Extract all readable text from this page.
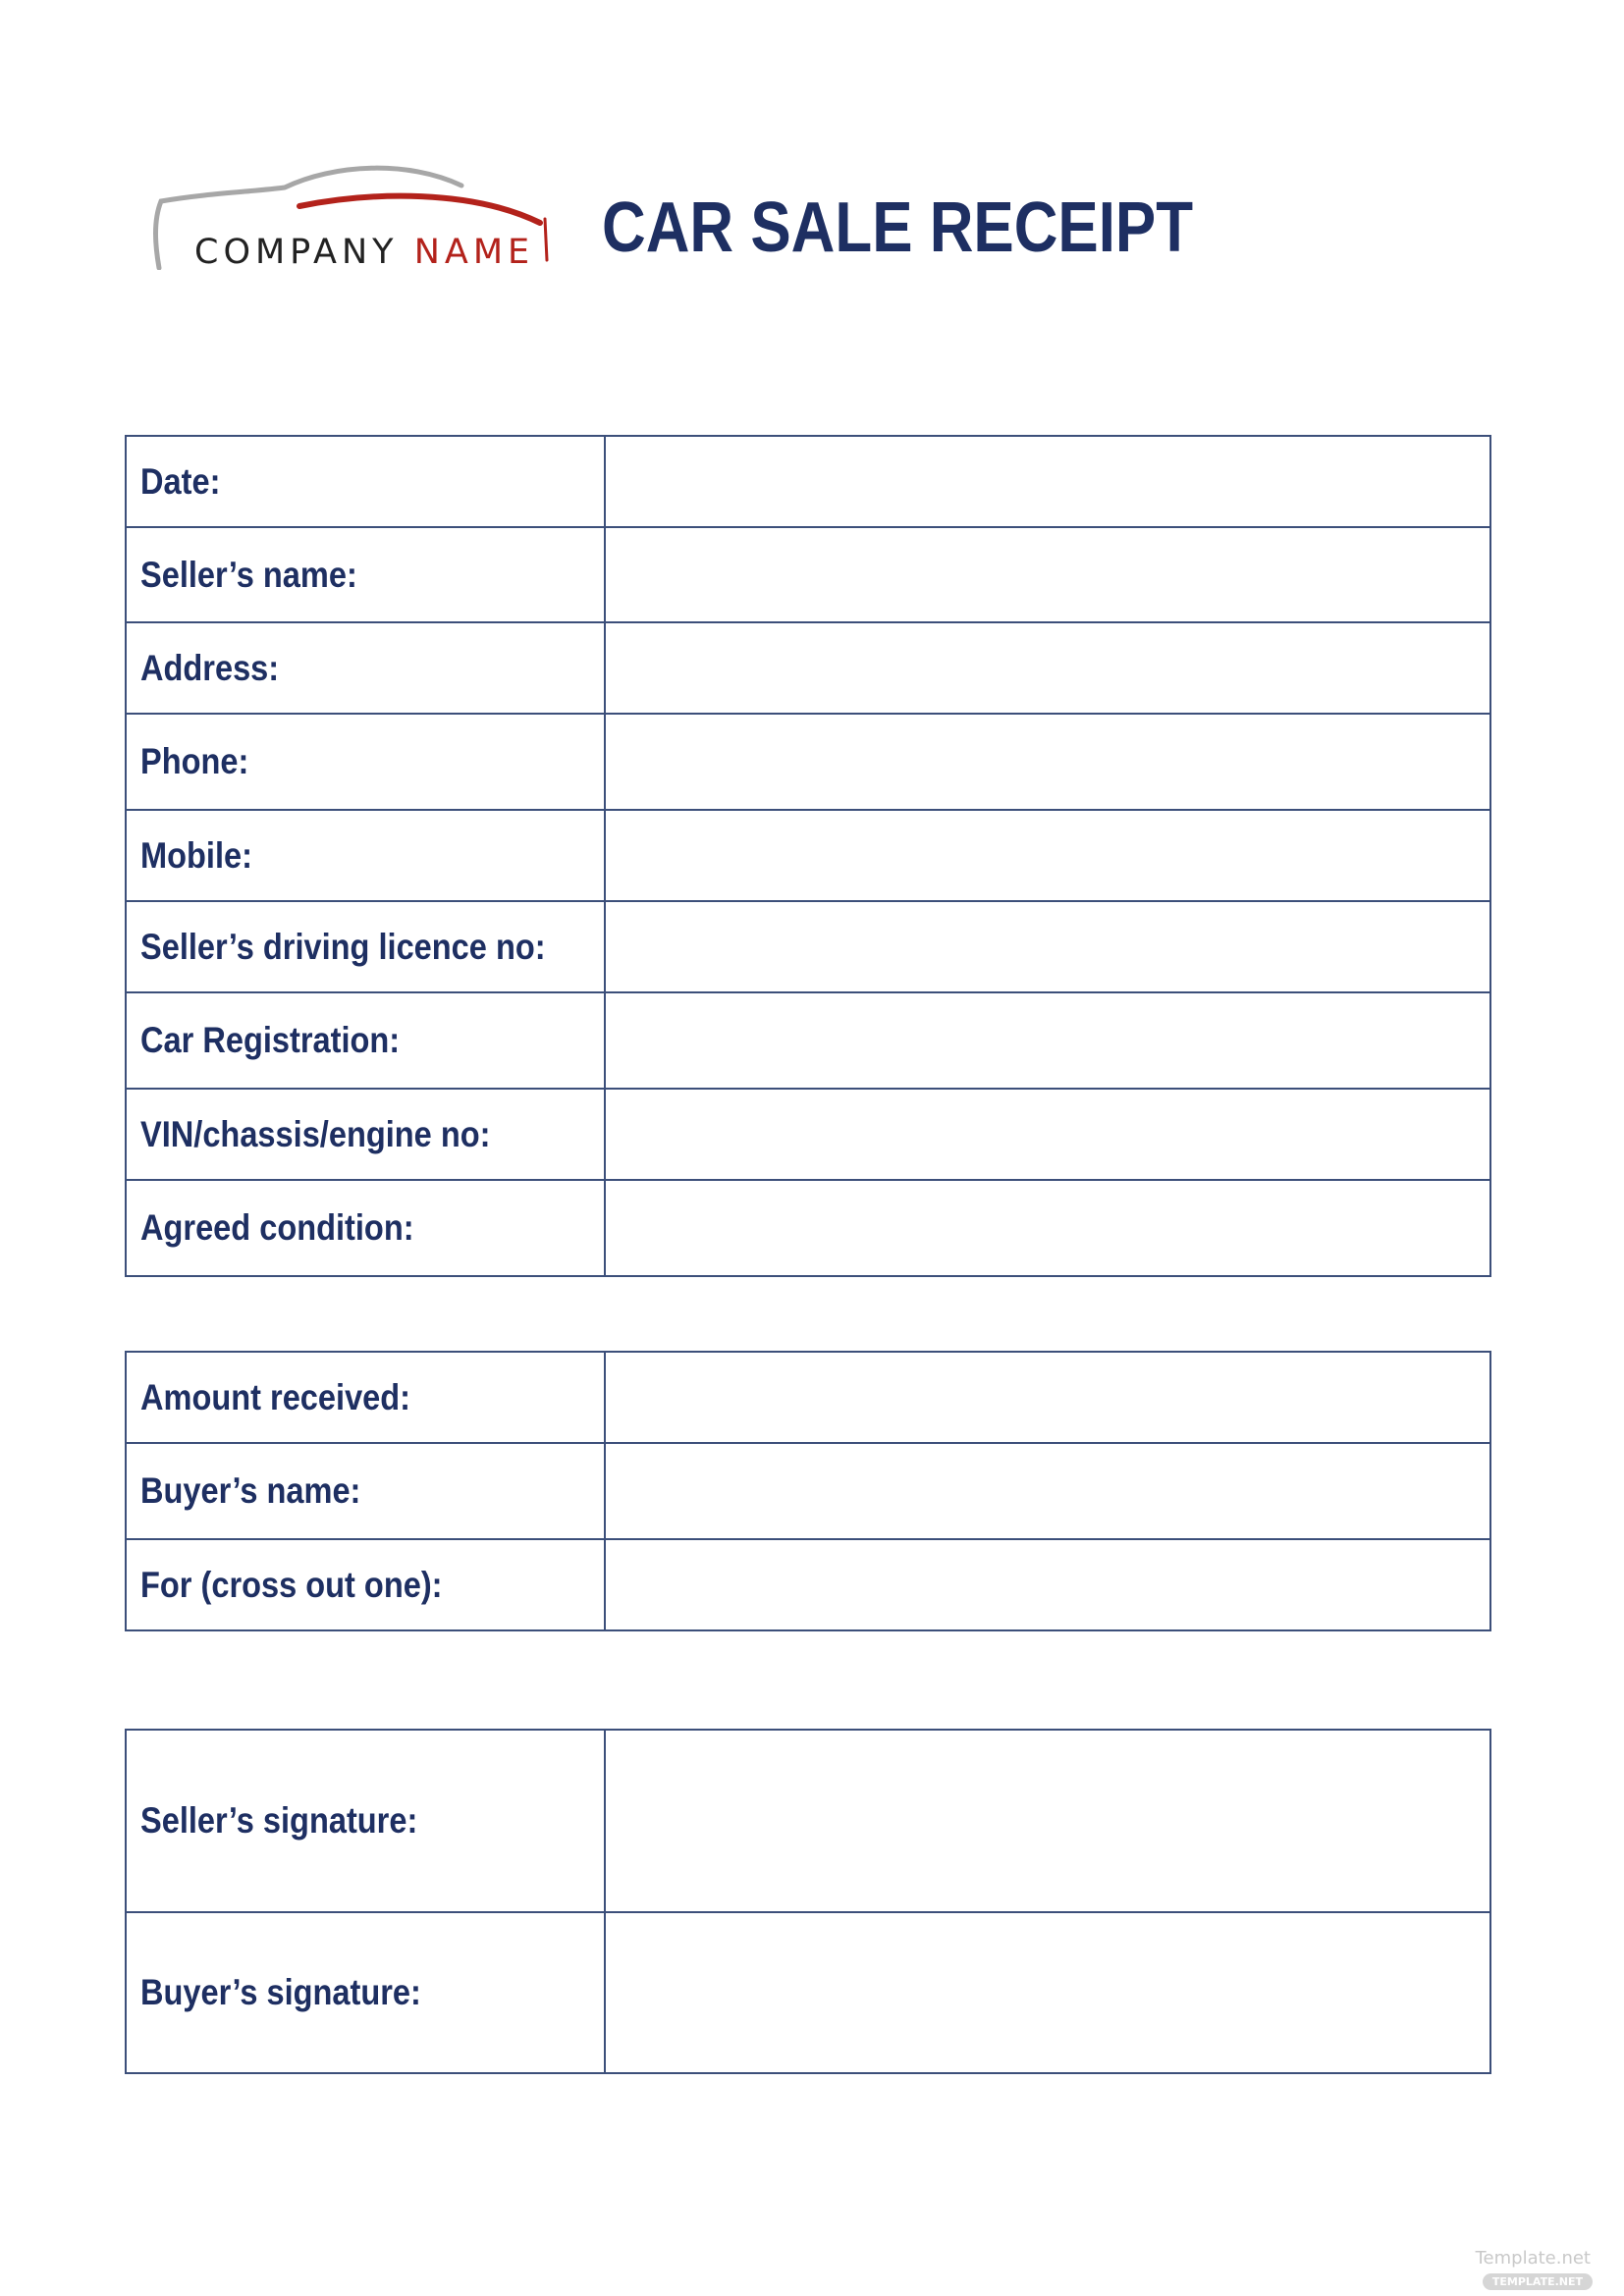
COMPANY NAME CAR SALE RECEIPT
Date:	
Seller’s name:	
Address:	
Phone:	
Mobile:	
Seller’s driving licence no:	
Car Registration:	
VIN/chassis/engine no:	
Agreed condition:	
Amount received:	
Buyer’s name:	
For (cross out one):	
Seller’s signature:	
Buyer’s signature:	
Template.net
TEMPLATE.NET
